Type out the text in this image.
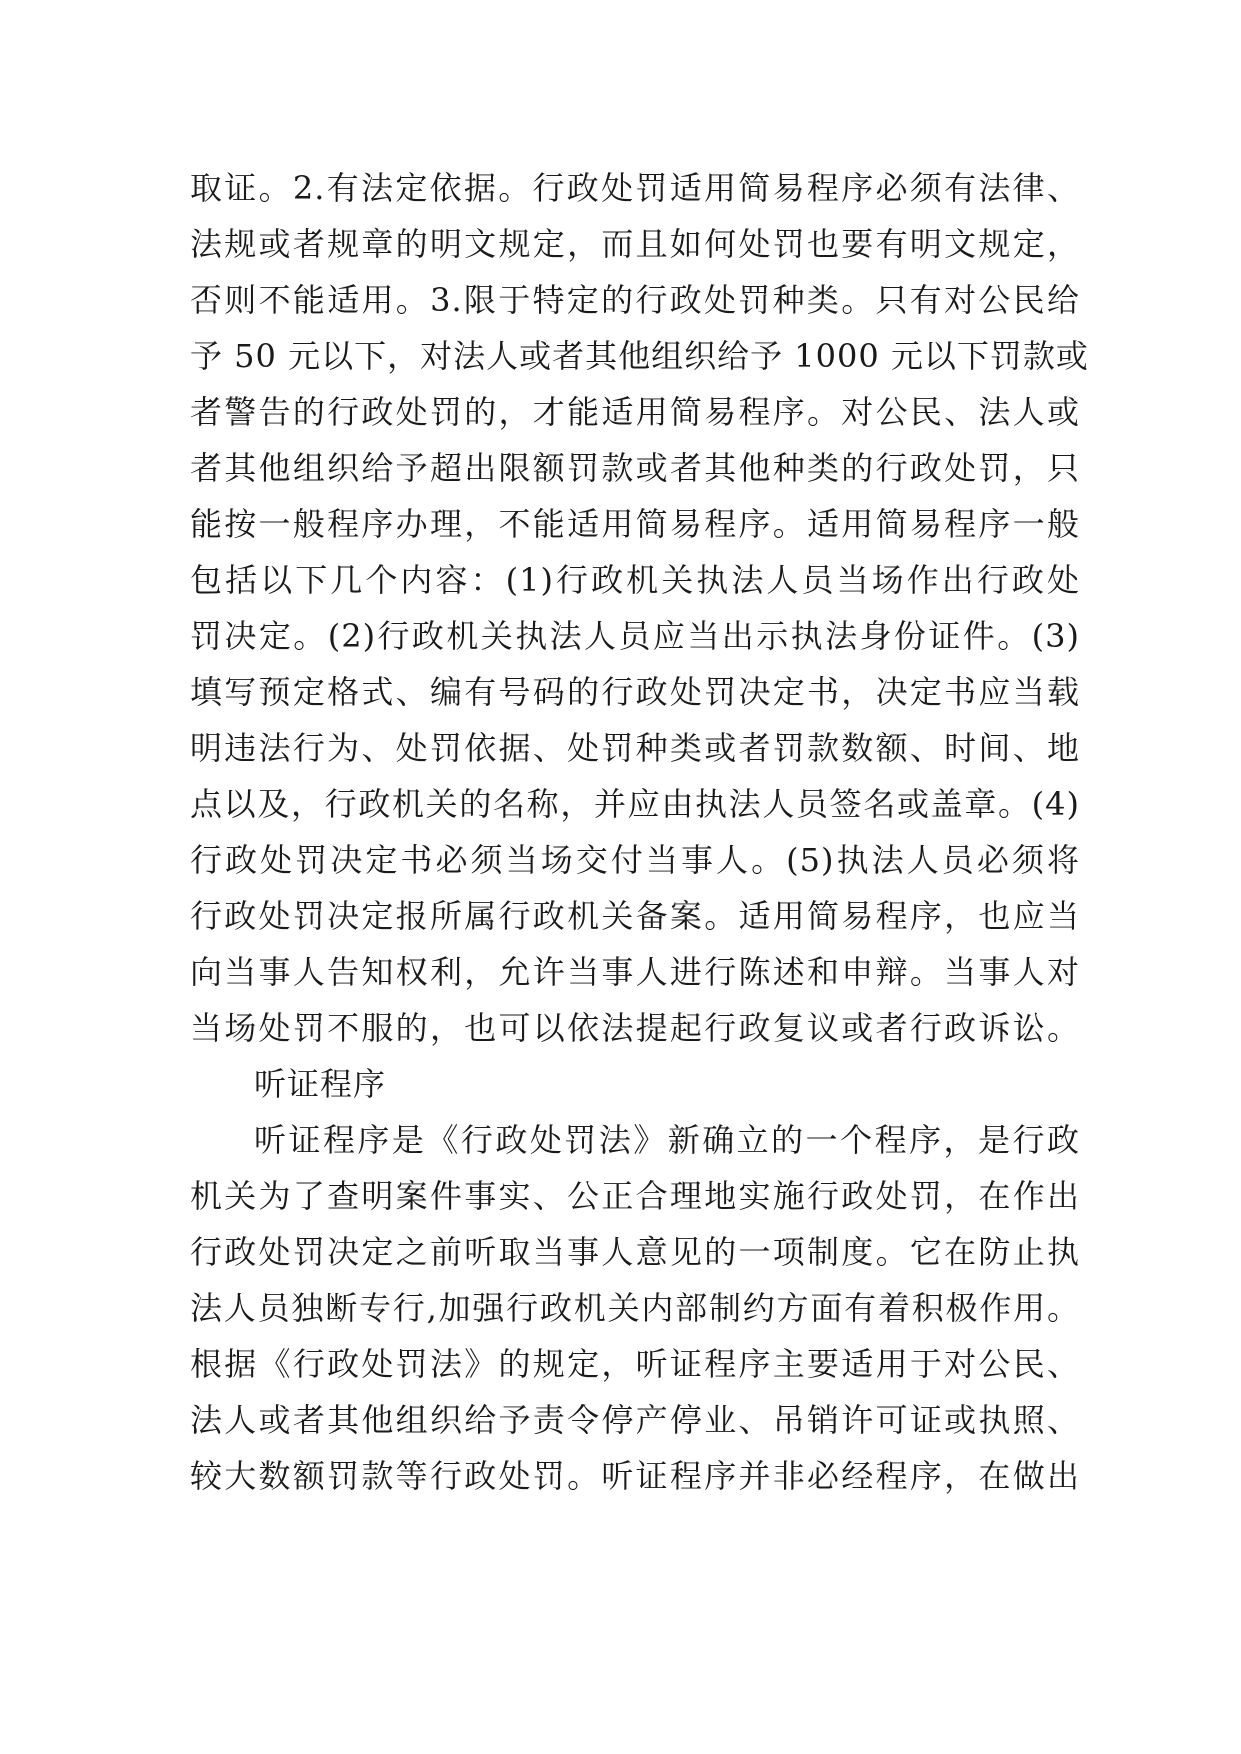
取证。2.有法定依据。行政处罚适用简易程序必须有法律、
法规或者规章的明文规定，而且如何处罚也要有明文规定，
否则不能适用。3.限于特定的行政处罚种类。只有对公民给
予 50 元以下，对法人或者其他组织给予 1000 元以下罚款或
者警告的行政处罚的，才能适用简易程序。对公民、法人或
者其他组织给予超出限额罚款或者其他种类的行政处罚，只
能按一般程序办理，不能适用简易程序。适用简易程序一般
包括以下几个内容：(1)行政机关执法人员当场作出行政处
罚决定。(2)行政机关执法人员应当出示执法身份证件。(3)
填写预定格式、编有号码的行政处罚决定书，决定书应当载
明违法行为、处罚依据、处罚种类或者罚款数额、时间、地
点以及，行政机关的名称，并应由执法人员签名或盖章。(4)
行政处罚决定书必须当场交付当事人。(5)执法人员必须将
行政处罚决定报所属行政机关备案。适用简易程序，也应当
向当事人告知权利，允许当事人进行陈述和申辩。当事人对
当场处罚不服的，也可以依法提起行政复议或者行政诉讼。
听证程序
听证程序是《行政处罚法》新确立的一个程序，是行政
机关为了查明案件事实、公正合理地实施行政处罚，在作出
行政处罚决定之前听取当事人意见的一项制度。它在防止执
法人员独断专行,加强行政机关内部制约方面有着积极作用。
根据《行政处罚法》的规定，听证程序主要适用于对公民、
法人或者其他组织给予责令停产停业、吊销许可证或执照、
较大数额罚款等行政处罚。听证程序并非必经程序，在做出
